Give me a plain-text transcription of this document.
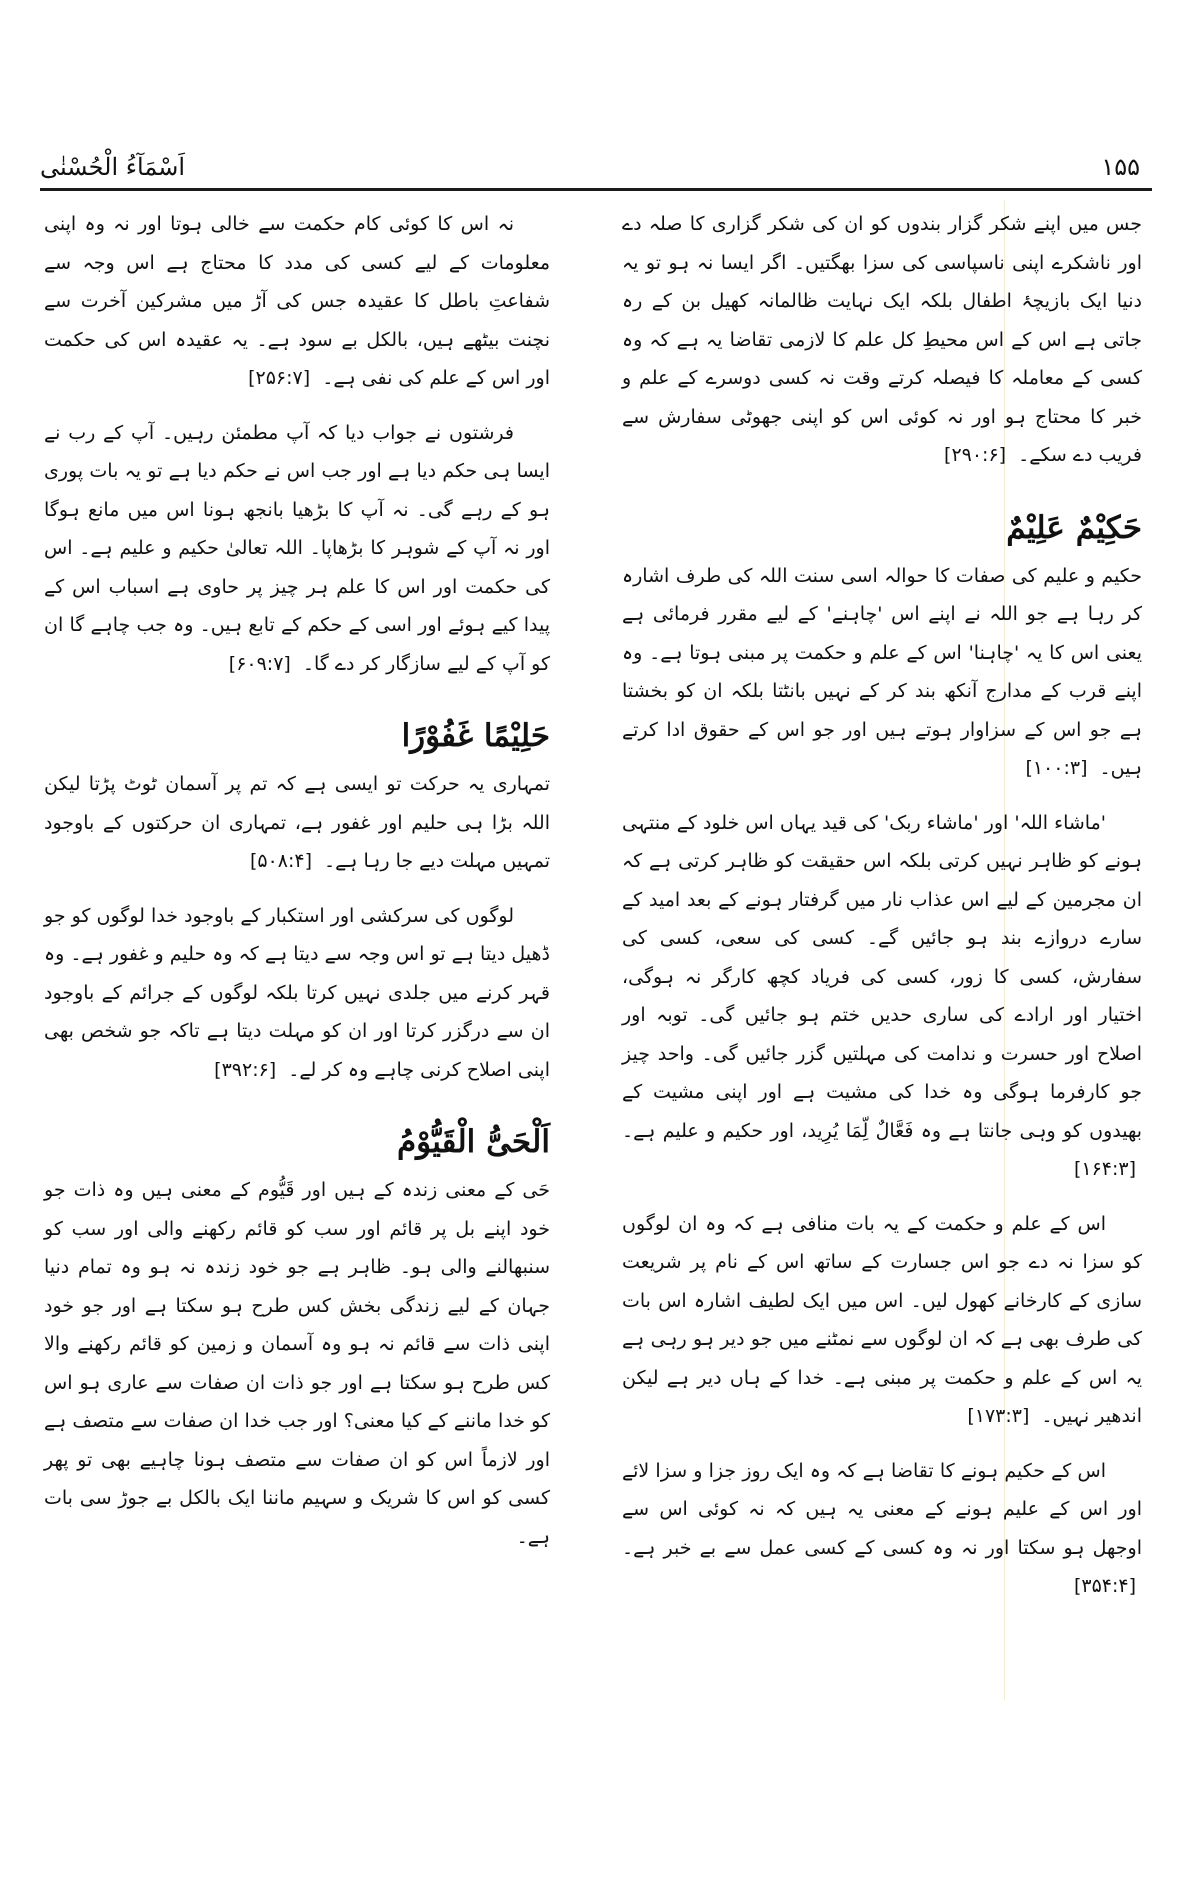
اَسْمَآءُ الْحُسْنٰی	۱۵۵

جس میں اپنے شکر گزار بندوں کو ان کی شکر گزاری کا صلہ دے اور ناشکرے اپنی ناسپاسی کی سزا بھگتیں۔ اگر ایسا نہ ہو تو یہ دنیا ایک بازیچۂ اطفال بلکہ ایک نہایت ظالمانہ کھیل بن کے رہ جاتی ہے اس کے اس محیطِ کل علم کا لازمی تقاضا یہ ہے کہ وہ کسی کے معاملہ کا فیصلہ کرتے وقت نہ کسی دوسرے کے علم و خبر کا محتاج ہو اور نہ کوئی اس کو اپنی جھوٹی سفارش سے فریب دے سکے۔ [۲۹۰:۶]

حَکِیْمٌ عَلِیْمٌ

حکیم و علیم کی صفات کا حوالہ اسی سنت اللہ کی طرف اشارہ کر رہا ہے جو اللہ نے اپنے اس 'چاہنے' کے لیے مقرر فرمائی ہے یعنی اس کا یہ 'چاہنا' اس کے علم و حکمت پر مبنی ہوتا ہے۔ وہ اپنے قرب کے مدارج آنکھ بند کر کے نہیں بانٹتا بلکہ ان کو بخشتا ہے جو اس کے سزاوار ہوتے ہیں اور جو اس کے حقوق ادا کرتے ہیں۔ [۱۰۰:۳]

'ماشاء اللہ' اور 'ماشاء ربک' کی قید یہاں اس خلود کے منتہی ہونے کو ظاہر نہیں کرتی بلکہ اس حقیقت کو ظاہر کرتی ہے کہ ان مجرمین کے لیے اس عذاب نار میں گرفتار ہونے کے بعد امید کے سارے دروازے بند ہو جائیں گے۔ کسی کی سعی، کسی کی سفارش، کسی کا زور، کسی کی فریاد کچھ کارگر نہ ہوگی، اختیار اور ارادے کی ساری حدیں ختم ہو جائیں گی۔ توبہ اور اصلاح اور حسرت و ندامت کی مہلتیں گزر جائیں گی۔ واحد چیز جو کارفرما ہوگی وہ خدا کی مشیت ہے اور اپنی مشیت کے بھیدوں کو وہی جانتا ہے وہ فَعَّالٌ لِّمَا یُرِید، اور حکیم و علیم ہے۔ [۱۶۴:۳]

اس کے علم و حکمت کے یہ بات منافی ہے کہ وہ ان لوگوں کو سزا نہ دے جو اس جسارت کے ساتھ اس کے نام پر شریعت سازی کے کارخانے کھول لیں۔ اس میں ایک لطیف اشارہ اس بات کی طرف بھی ہے کہ ان لوگوں سے نمٹنے میں جو دیر ہو رہی ہے یہ اس کے علم و حکمت پر مبنی ہے۔ خدا کے ہاں دیر ہے لیکن اندھیر نہیں۔ [۱۷۳:۳]

اس کے حکیم ہونے کا تقاضا ہے کہ وہ ایک روز جزا و سزا لائے اور اس کے علیم ہونے کے معنی یہ ہیں کہ نہ کوئی اس سے اوجھل ہو سکتا اور نہ وہ کسی کے کسی عمل سے بے خبر ہے۔ [۳۵۴:۴]

نہ اس کا کوئی کام حکمت سے خالی ہوتا اور نہ وہ اپنی معلومات کے لیے کسی کی مدد کا محتاج ہے اس وجہ سے شفاعتِ باطل کا عقیدہ جس کی آڑ میں مشرکین آخرت سے نچنت بیٹھے ہیں، بالکل بے سود ہے۔ یہ عقیدہ اس کی حکمت اور اس کے علم کی نفی ہے۔ [۲۵۶:۷]

فرشتوں نے جواب دیا کہ آپ مطمئن رہیں۔ آپ کے رب نے ایسا ہی حکم دیا ہے اور جب اس نے حکم دیا ہے تو یہ بات پوری ہو کے رہے گی۔ نہ آپ کا بڑھیا بانجھ ہونا اس میں مانع ہوگا اور نہ آپ کے شوہر کا بڑھاپا۔ اللہ تعالیٰ حکیم و علیم ہے۔ اس کی حکمت اور اس کا علم ہر چیز پر حاوی ہے اسباب اس کے پیدا کیے ہوئے اور اسی کے حکم کے تابع ہیں۔ وہ جب چاہے گا ان کو آپ کے لیے سازگار کر دے گا۔ [۶۰۹:۷]

حَلِیْمًا غَفُوْرًا

تمہاری یہ حرکت تو ایسی ہے کہ تم پر آسمان ٹوٹ پڑتا لیکن اللہ بڑا ہی حلیم اور غفور ہے، تمہاری ان حرکتوں کے باوجود تمہیں مہلت دیے جا رہا ہے۔ [۵۰۸:۴]

لوگوں کی سرکشی اور استکبار کے باوجود خدا لوگوں کو جو ڈھیل دیتا ہے تو اس وجہ سے دیتا ہے کہ وہ حلیم و غفور ہے۔ وہ قہر کرنے میں جلدی نہیں کرتا بلکہ لوگوں کے جرائم کے باوجود ان سے درگزر کرتا اور ان کو مہلت دیتا ہے تاکہ جو شخص بھی اپنی اصلاح کرنی چاہے وہ کر لے۔ [۳۹۲:۶]

اَلْحَیُّ الْقَیُّوْمُ

حَی کے معنی زندہ کے ہیں اور قَیُّوم کے معنی ہیں وہ ذات جو خود اپنے بل پر قائم اور سب کو قائم رکھنے والی اور سب کو سنبھالنے والی ہو۔ ظاہر ہے جو خود زندہ نہ ہو وہ تمام دنیا جہان کے لیے زندگی بخش کس طرح ہو سکتا ہے اور جو خود اپنی ذات سے قائم نہ ہو وہ آسمان و زمین کو قائم رکھنے والا کس طرح ہو سکتا ہے اور جو ذات ان صفات سے عاری ہو اس کو خدا ماننے کے کیا معنی؟ اور جب خدا ان صفات سے متصف ہے اور لازماً اس کو ان صفات سے متصف ہونا چاہیے بھی تو پھر کسی کو اس کا شریک و سہیم ماننا ایک بالکل بے جوڑ سی بات ہے۔
